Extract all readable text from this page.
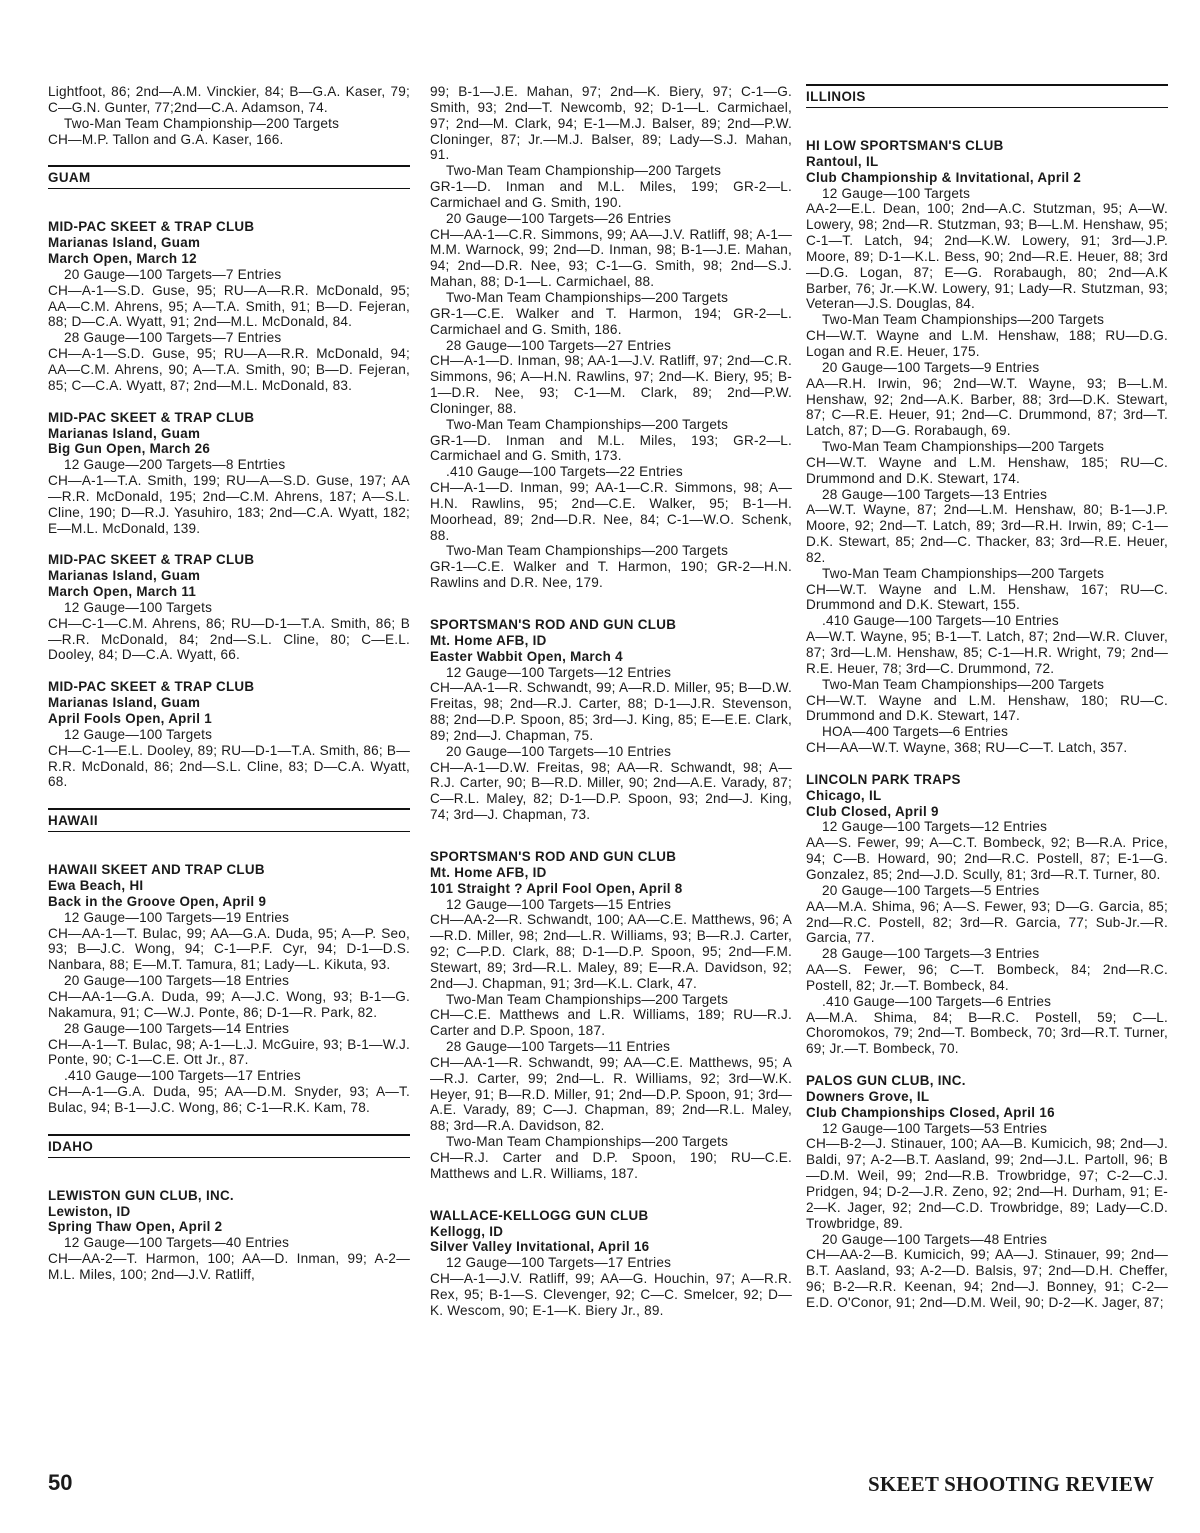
Lightfoot, 86; 2nd—A.M. Vinckier, 84; B—G.A. Kaser, 79; C—G.N. Gunter, 77;2nd—C.A. Adamson, 74.

Two-Man Team Championship—200 Targets

CH—M.P. Tallon and G.A. Kaser, 166.

GUAM

MID-PAC SKEET & TRAP CLUB

Marianas Island, Guam

March Open, March 12

20 Gauge—100 Targets—7 Entries

CH—A-1—S.D. Guse, 95; RU—A—R.R. McDonald, 95; AA—C.M. Ahrens, 95; A—T.A. Smith, 91; B—D. Fejeran, 88; D—C.A. Wyatt, 91; 2nd—M.L. McDonald, 84.

28 Gauge—100 Targets—7 Entries

CH—A-1—S.D. Guse, 95; RU—A—R.R. McDonald, 94; AA—C.M. Ahrens, 90; A—T.A. Smith, 90; B—D. Fejeran, 85; C—C.A. Wyatt, 87; 2nd—M.L. McDonald, 83.

MID-PAC SKEET & TRAP CLUB

Marianas Island, Guam

Big Gun Open, March 26

12 Gauge—200 Targets—8 Entrties

CH—A-1—T.A. Smith, 199; RU—A—S.D. Guse, 197; AA—R.R. McDonald, 195; 2nd—C.M. Ahrens, 187; A—S.L. Cline, 190; D—R.J. Yasuhiro, 183; 2nd—C.A. Wyatt, 182; E—M.L. McDonald, 139.

MID-PAC SKEET & TRAP CLUB

Marianas Island, Guam

March Open, March 11

12 Gauge—100 Targets

CH—C-1—C.M. Ahrens, 86; RU—D-1—T.A. Smith, 86; B—R.R. McDonald, 84; 2nd—S.L. Cline, 80; C—E.L. Dooley, 84; D—C.A. Wyatt, 66.

MID-PAC SKEET & TRAP CLUB

Marianas Island, Guam

April Fools Open, April 1

12 Gauge—100 Targets

CH—C-1—E.L. Dooley, 89; RU—D-1—T.A. Smith, 86; B—R.R. McDonald, 86; 2nd—S.L. Cline, 83; D—C.A. Wyatt, 68.

HAWAII

HAWAII SKEET AND TRAP CLUB

Ewa Beach, HI

Back in the Groove Open, April 9

12 Gauge—100 Targets—19 Entries

CH—AA-1—T. Bulac, 99; AA—G.A. Duda, 95; A—P. Seo, 93; B—J.C. Wong, 94; C-1—P.F. Cyr, 94; D-1—D.S. Nanbara, 88; E—M.T. Tamura, 81; Lady—L. Kikuta, 93.

20 Gauge—100 Targets—18 Entries

CH—AA-1—G.A. Duda, 99; A—J.C. Wong, 93; B-1—G. Nakamura, 91; C—W.J. Ponte, 86; D-1—R. Park, 82.

28 Gauge—100 Targets—14 Entries

CH—A-1—T. Bulac, 98; A-1—L.J. McGuire, 93; B-1—W.J. Ponte, 90; C-1—C.E. Ott Jr., 87.

.410 Gauge—100 Targets—17 Entries

CH—A-1—G.A. Duda, 95; AA—D.M. Snyder, 93; A—T. Bulac, 94; B-1—J.C. Wong, 86; C-1—R.K. Kam, 78.

IDAHO

LEWISTON GUN CLUB, INC.

Lewiston, ID

Spring Thaw Open, April 2

12 Gauge—100 Targets—40 Entries

CH—AA-2—T. Harmon, 100; AA—D. Inman, 99; A-2—M.L. Miles, 100; 2nd—J.V. Ratliff,

99; B-1—J.E. Mahan, 97; 2nd—K. Biery, 97; C-1—G. Smith, 93; 2nd—T. Newcomb, 92; D-1—L. Carmichael, 97; 2nd—M. Clark, 94; E-1—M.J. Balser, 89; 2nd—P.W. Cloninger, 87; Jr.—M.J. Balser, 89; Lady—S.J. Mahan, 91.

Two-Man Team Championship—200 Targets

GR-1—D. Inman and M.L. Miles, 199; GR-2—L. Carmichael and G. Smith, 190.

20 Gauge—100 Targets—26 Entries

CH—AA-1—C.R. Simmons, 99; AA—J.V. Ratliff, 98; A-1—M.M. Warnock, 99; 2nd—D. Inman, 98; B-1—J.E. Mahan, 94; 2nd—D.R. Nee, 93; C-1—G. Smith, 98; 2nd—S.J. Mahan, 88; D-1—L. Carmichael, 88.

Two-Man Team Championships—200 Targets

GR-1—C.E. Walker and T. Harmon, 194; GR-2—L. Carmichael and G. Smith, 186.

28 Gauge—100 Targets—27 Entries

CH—A-1—D. Inman, 98; AA-1—J.V. Ratliff, 97; 2nd—C.R. Simmons, 96; A—H.N. Rawlins, 97; 2nd—K. Biery, 95; B-1—D.R. Nee, 93; C-1—M. Clark, 89; 2nd—P.W. Cloninger, 88.

Two-Man Team Championships—200 Targets

GR-1—D. Inman and M.L. Miles, 193; GR-2—L. Carmichael and G. Smith, 173.

.410 Gauge—100 Targets—22 Entries

CH—A-1—D. Inman, 99; AA-1—C.R. Simmons, 98; A—H.N. Rawlins, 95; 2nd—C.E. Walker, 95; B-1—H. Moorhead, 89; 2nd—D.R. Nee, 84; C-1—W.O. Schenk, 88.

Two-Man Team Championships—200 Targets

GR-1—C.E. Walker and T. Harmon, 190; GR-2—H.N. Rawlins and D.R. Nee, 179.

SPORTSMAN'S ROD AND GUN CLUB

Mt. Home AFB, ID

Easter Wabbit Open, March 4

12 Gauge—100 Targets—12 Entries

CH—AA-1—R. Schwandt, 99; A—R.D. Miller, 95; B—D.W. Freitas, 98; 2nd—R.J. Carter, 88; D-1—J.R. Stevenson, 88; 2nd—D.P. Spoon, 85; 3rd—J. King, 85; E—E.E. Clark, 89; 2nd—J. Chapman, 75.

20 Gauge—100 Targets—10 Entries

CH—A-1—D.W. Freitas, 98; AA—R. Schwandt, 98; A—R.J. Carter, 90; B—R.D. Miller, 90; 2nd—A.E. Varady, 87; C—R.L. Maley, 82; D-1—D.P. Spoon, 93; 2nd—J. King, 74; 3rd—J. Chapman, 73.

SPORTSMAN'S ROD AND GUN CLUB

Mt. Home AFB, ID

101 Straight ? April Fool Open, April 8

12 Gauge—100 Targets—15 Entries

CH—AA-2—R. Schwandt, 100; AA—C.E. Matthews, 96; A—R.D. Miller, 98; 2nd—L.R. Williams, 93; B—R.J. Carter, 92; C—P.D. Clark, 88; D-1—D.P. Spoon, 95; 2nd—F.M. Stewart, 89; 3rd—R.L. Maley, 89; E—R.A. Davidson, 92; 2nd—J. Chapman, 91; 3rd—K.L. Clark, 47.

Two-Man Team Championships—200 Targets

CH—C.E. Matthews and L.R. Williams, 189; RU—R.J. Carter and D.P. Spoon, 187.

28 Gauge—100 Targets—11 Entries

CH—AA-1—R. Schwandt, 99; AA—C.E. Matthews, 95; A—R.J. Carter, 99; 2nd—L. R. Williams, 92; 3rd—W.K. Heyer, 91; B—R.D. Miller, 91; 2nd—D.P. Spoon, 91; 3rd—A.E. Varady, 89; C—J. Chapman, 89; 2nd—R.L. Maley, 88; 3rd—R.A. Davidson, 82.

Two-Man Team Championships—200 Targets

CH—R.J. Carter and D.P. Spoon, 190; RU—C.E. Matthews and L.R. Williams, 187.

WALLACE-KELLOGG GUN CLUB

Kellogg, ID

Silver Valley Invitational, April 16

12 Gauge—100 Targets—17 Entries

CH—A-1—J.V. Ratliff, 99; AA—G. Houchin, 97; A—R.R. Rex, 95; B-1—S. Clevenger, 92; C—C. Smelcer, 92; D—K. Wescom, 90; E-1—K. Biery Jr., 89.

ILLINOIS

HI LOW SPORTSMAN'S CLUB

Rantoul, IL

Club Championship & Invitational, April 2

12 Gauge—100 Targets

AA-2—E.L. Dean, 100; 2nd—A.C. Stutzman, 95; A—W. Lowery, 98; 2nd—R. Stutzman, 93; B—L.M. Henshaw, 95; C-1—T. Latch, 94; 2nd—K.W. Lowery, 91; 3rd—J.P. Moore, 89; D-1—K.L. Bess, 90; 2nd—R.E. Heuer, 88; 3rd—D.G. Logan, 87; E—G. Rorabaugh, 80; 2nd—A.K Barber, 76; Jr.—K.W. Lowery, 91; Lady—R. Stutzman, 93; Veteran—J.S. Douglas, 84.

Two-Man Team Championships—200 Targets

CH—W.T. Wayne and L.M. Henshaw, 188; RU—D.G. Logan and R.E. Heuer, 175.

20 Gauge—100 Targets—9 Entries

AA—R.H. Irwin, 96; 2nd—W.T. Wayne, 93; B—L.M. Henshaw, 92; 2nd—A.K. Barber, 88; 3rd—D.K. Stewart, 87; C—R.E. Heuer, 91; 2nd—C. Drummond, 87; 3rd—T. Latch, 87; D—G. Rorabaugh, 69.

Two-Man Team Championships—200 Targets

CH—W.T. Wayne and L.M. Henshaw, 185; RU—C. Drummond and D.K. Stewart, 174.

28 Gauge—100 Targets—13 Entries

A—W.T. Wayne, 87; 2nd—L.M. Henshaw, 80; B-1—J.P. Moore, 92; 2nd—T. Latch, 89; 3rd—R.H. Irwin, 89; C-1—D.K. Stewart, 85; 2nd—C. Thacker, 83; 3rd—R.E. Heuer, 82.

Two-Man Team Championships—200 Targets

CH—W.T. Wayne and L.M. Henshaw, 167; RU—C. Drummond and D.K. Stewart, 155.

.410 Gauge—100 Targets—10 Entries

A—W.T. Wayne, 95; B-1—T. Latch, 87; 2nd—W.R. Cluver, 87; 3rd—L.M. Henshaw, 85; C-1—H.R. Wright, 79; 2nd—R.E. Heuer, 78; 3rd—C. Drummond, 72.

Two-Man Team Championships—200 Targets

CH—W.T. Wayne and L.M. Henshaw, 180; RU—C. Drummond and D.K. Stewart, 147.

HOA—400 Targets—6 Entries

CH—AA—W.T. Wayne, 368; RU—C—T. Latch, 357.

LINCOLN PARK TRAPS

Chicago, IL

Club Closed, April 9

12 Gauge—100 Targets—12 Entries

AA—S. Fewer, 99; A—C.T. Bombeck, 92; B—R.A. Price, 94; C—B. Howard, 90; 2nd—R.C. Postell, 87; E-1—G. Gonzalez, 85; 2nd—J.D. Scully, 81; 3rd—R.T. Turner, 80.

20 Gauge—100 Targets—5 Entries

AA—M.A. Shima, 96; A—S. Fewer, 93; D—G. Garcia, 85; 2nd—R.C. Postell, 82; 3rd—R. Garcia, 77; Sub-Jr.—R. Garcia, 77.

28 Gauge—100 Targets—3 Entries

AA—S. Fewer, 96; C—T. Bombeck, 84; 2nd—R.C. Postell, 82; Jr.—T. Bombeck, 84.

.410 Gauge—100 Targets—6 Entries

A—M.A. Shima, 84; B—R.C. Postell, 59; C—L. Choromokos, 79; 2nd—T. Bombeck, 70; 3rd—R.T. Turner, 69; Jr.—T. Bombeck, 70.

PALOS GUN CLUB, INC.

Downers Grove, IL

Club Championships Closed, April 16

12 Gauge—100 Targets—53 Entries

CH—B-2—J. Stinauer, 100; AA—B. Kumicich, 98; 2nd—J. Baldi, 97; A-2—B.T. Aasland, 99; 2nd—J.L. Partoll, 96; B—D.M. Weil, 99; 2nd—R.B. Trowbridge, 97; C-2—C.J. Pridgen, 94; D-2—J.R. Zeno, 92; 2nd—H. Durham, 91; E-2—K. Jager, 92; 2nd—C.D. Trowbridge, 89; Lady—C.D. Trowbridge, 89.

20 Gauge—100 Targets—48 Entries

CH—AA-2—B. Kumicich, 99; AA—J. Stinauer, 99; 2nd—B.T. Aasland, 93; A-2—D. Balsis, 97; 2nd—D.H. Cheffer, 96; B-2—R.R. Keenan, 94; 2nd—J. Bonney, 91; C-2—E.D. O'Conor, 91; 2nd—D.M. Weil, 90; D-2—K. Jager, 87;

50	SKEET SHOOTING REVIEW
